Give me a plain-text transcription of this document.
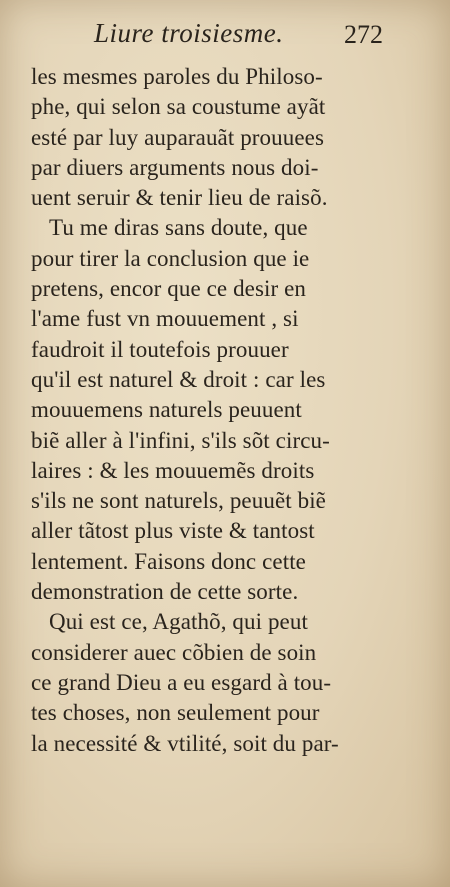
Liure troisiesme. 272
les mesmes paroles du Philoso-
phe, qui selon sa coustume ayãt
esté par luy auparauãt prouuees
par diuers arguments nous doi-
uent seruir & tenir lieu de raisõ.
Tu me diras sans doute, que
pour tirer la conclusion que ie
pretens, encor que ce desir en
l'ame fust vn mouuement , si
faudroit il toutefois prouuer
qu'il est naturel & droit : car les
mouuemens naturels peuuent
biẽ aller à l'infini, s'ils sõt circu-
laires : & les mouuemẽs droits
s'ils ne sont naturels, peuuẽt biẽ
aller tãtost plus viste & tantost
lentement. Faisons donc cette
demonstration de cette sorte.
Qui est ce, Agathõ, qui peut
considerer auec cõbien de soin
ce grand Dieu a eu esgard à tou-
tes choses, non seulement pour
la necessité & vtilité, soit du par-
